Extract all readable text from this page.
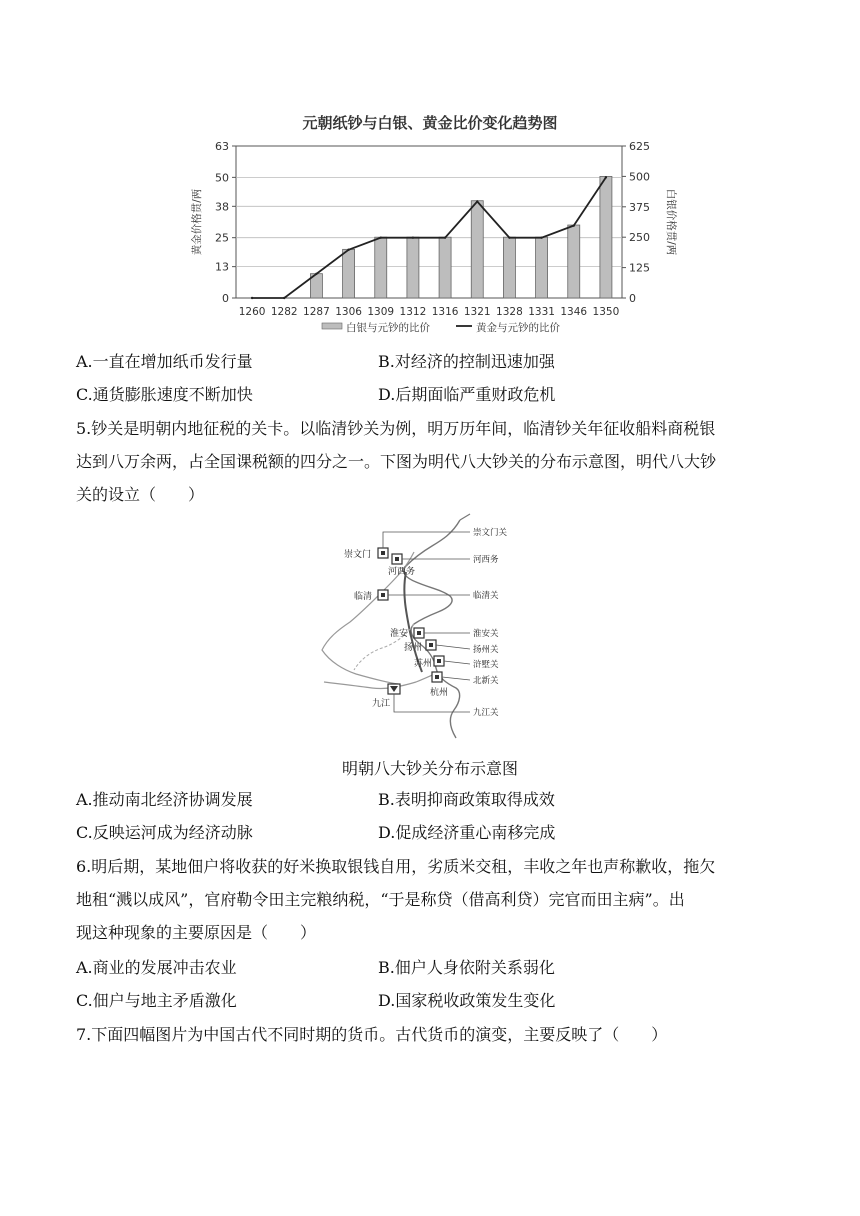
元朝纸钞与白银、黄金比价变化趋势图
0
13
25
38
50
63
0
125
250
375
500
625
黄金价格贯/两	白银价格贯/两
1260 1282 1287 1306 1309 1312 1316 1321 1328 1331 1346 1350
白银与元钞的比价	黄金与元钞的比价
A.一直在增加纸币发行量	B.对经济的控制迅速加强
C.通货膨胀速度不断加快	D.后期面临严重财政危机
5.钞关是明朝内地征税的关卡。以临清钞关为例，明万历年间，临清钞关年征收船料商税银
达到八万余两，占全国课税额的四分之一。下图为明代八大钞关的分布示意图，明代八大钞
关的设立（　　）
崇文门
河西务
临清
淮安
扬州
苏州
杭州
九江
崇文门关
河西务
临清关
淮安关
扬州关
浒墅关
北新关
九江关
明朝八大钞关分布示意图
A.推动南北经济协调发展	B.表明抑商政策取得成效
C.反映运河成为经济动脉	D.促成经济重心南移完成
6.明后期，某地佃户将收获的好米换取银钱自用，劣质米交租，丰收之年也声称歉收，拖欠
地租“溅以成风”，官府勒令田主完粮纳税，“于是称贷（借高利贷）完官而田主病”。出
现这种现象的主要原因是（　　）
A.商业的发展冲击农业	B.佃户人身依附关系弱化
C.佃户与地主矛盾激化	D.国家税收政策发生变化
7.下面四幅图片为中国古代不同时期的货币。古代货币的演变，主要反映了（　　）
